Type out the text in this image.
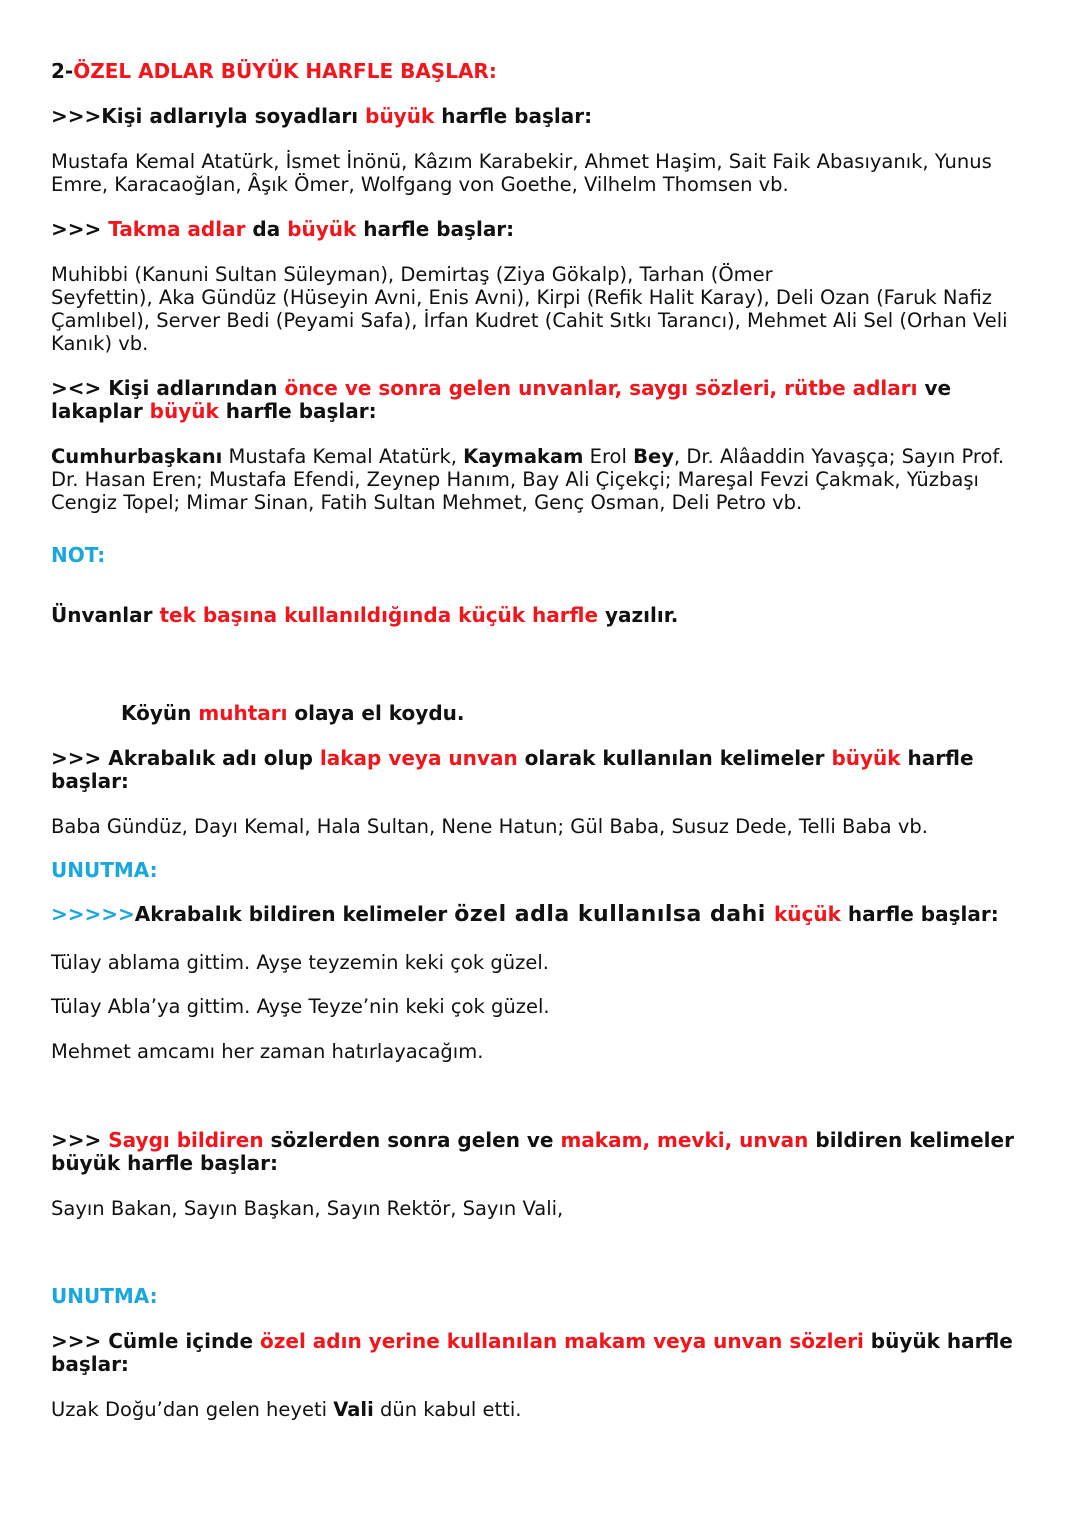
2-ÖZEL ADLAR BÜYÜK HARFLE BAŞLAR:
>>>Kişi adlarıyla soyadları büyük harfle başlar:
Mustafa Kemal Atatürk, İsmet İnönü, Kâzım Karabekir, Ahmet Haşim, Sait Faik Abasıyanık, Yunus Emre, Karacaoğlan, Âşık Ömer, Wolfgang von Goethe, Vilhelm Thomsen vb.
>>> Takma adlar da büyük harfle başlar:
Muhibbi (Kanuni Sultan Süleyman), Demirtaş (Ziya Gökalp), Tarhan (Ömer
Seyfettin), Aka Gündüz (Hüseyin Avni, Enis Avni), Kirpi (Refik Halit Karay), Deli Ozan (Faruk Nafiz Çamlıbel), Server Bedi (Peyami Safa), İrfan Kudret (Cahit Sıtkı Tarancı), Mehmet Ali Sel (Orhan Veli Kanık) vb.
><> Kişi adlarından önce ve sonra gelen unvanlar, saygı sözleri, rütbe adları ve lakaplar büyük harfle başlar:
Cumhurbaşkanı Mustafa Kemal Atatürk, Kaymakam Erol Bey, Dr. Alâaddin Yavaşça; Sayın Prof. Dr. Hasan Eren; Mustafa Efendi, Zeynep Hanım, Bay Ali Çiçekçi; Mareşal Fevzi Çakmak, Yüzbaşı Cengiz Topel; Mimar Sinan, Fatih Sultan Mehmet, Genç Osman, Deli Petro vb.
NOT:
Ünvanlar tek başına kullanıldığında küçük harfle yazılır.
Köyün muhtarı olaya el koydu.
>>> Akrabalık adı olup lakap veya unvan olarak kullanılan kelimeler büyük harfle başlar:
Baba Gündüz, Dayı Kemal, Hala Sultan, Nene Hatun; Gül Baba, Susuz Dede, Telli Baba vb.
UNUTMA:
>>>>>Akrabalık bildiren kelimeler özel adla kullanılsa dahi küçük harfle başlar:
Tülay ablama gittim. Ayşe teyzemin keki çok güzel.
Tülay Abla’ya gittim. Ayşe Teyze’nin keki çok güzel.
Mehmet amcamı her zaman hatırlayacağım.
>>> Saygı bildiren sözlerden sonra gelen ve makam, mevki, unvan bildiren kelimeler büyük harfle başlar:
Sayın Bakan, Sayın Başkan, Sayın Rektör, Sayın Vali,
UNUTMA:
>>> Cümle içinde özel adın yerine kullanılan makam veya unvan sözleri büyük harfle başlar:
Uzak Doğu’dan gelen heyeti Vali dün kabul etti.
